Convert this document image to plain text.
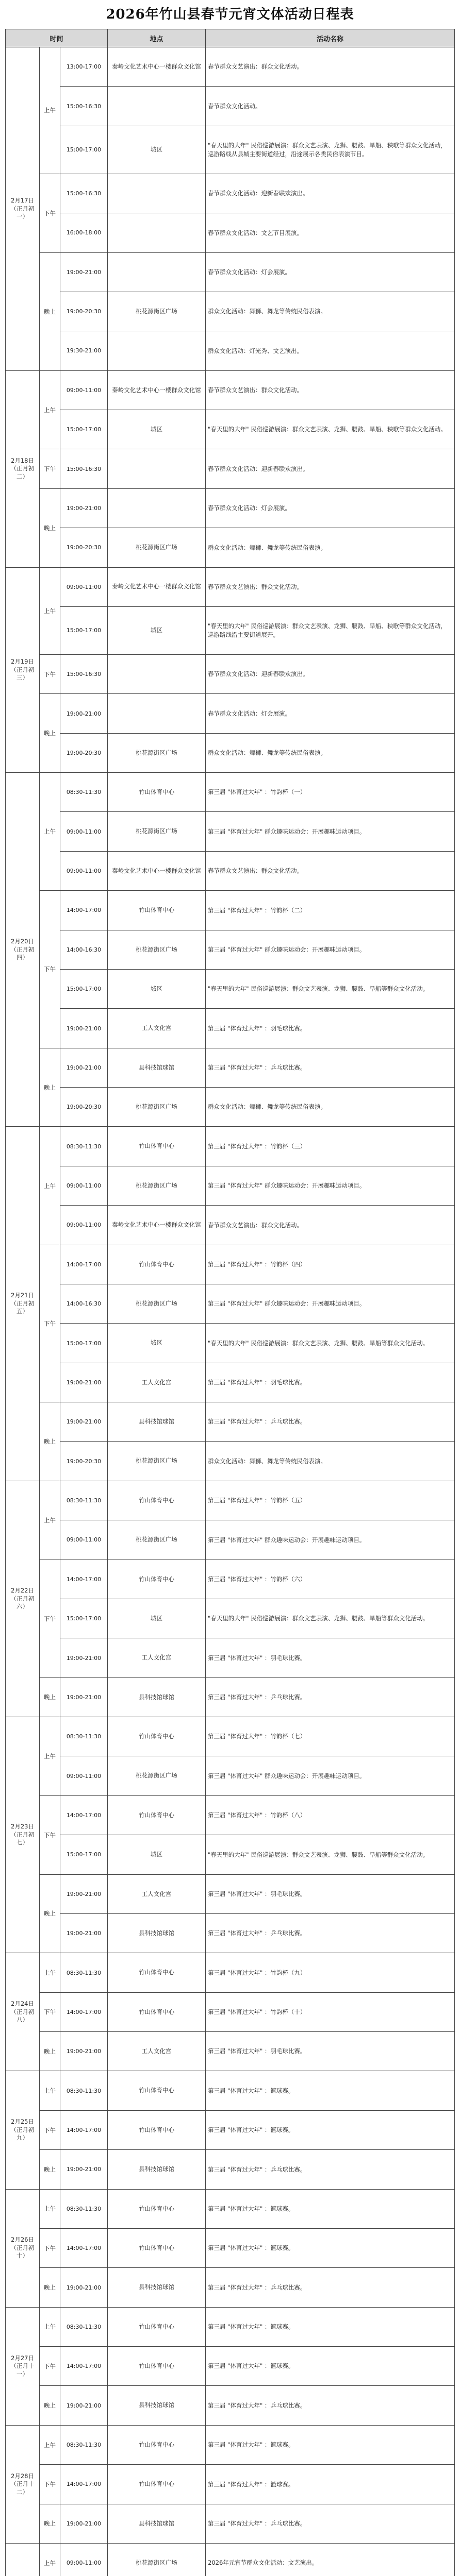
2026年竹山县春节元宵文体活动日程表
时间			地点	活动名称
2月17日
（正月初一）	上午	13:00-17:00	秦岭文化艺术中心一楼群众文化馆	春节群众文艺演出：群众文化活动。
		15:00-16:30		春节群众文化活动。
		15:00-17:00	城区	"春天里的大年" 民俗巡游展演：群众文艺表演、龙狮、腰鼓、旱船、秧歌等群众文化活动，巡游路线从县城主要街道经过，沿途展示各类民俗表演节目。
	下午	15:00-16:30		春节群众文化活动：迎新春联欢演出。
		16:00-18:00		春节群众文化活动：文艺节目展演。
	晚上	19:00-21:00		春节群众文化活动：灯会展演。
		19:00-20:30	桃花源街区广场	群众文化活动：舞狮、舞龙等传统民俗表演。
		19:30-21:00		群众文化活动：灯光秀、文艺演出。
2月18日
（正月初二）	上午	09:00-11:00	秦岭文化艺术中心一楼群众文化馆	春节群众文艺演出：群众文化活动。
		15:00-17:00	城区	"春天里的大年" 民俗巡游展演：群众文艺表演、龙狮、腰鼓、旱船、秧歌等群众文化活动。
	下午	15:00-16:30		春节群众文化活动：迎新春联欢演出。
	晚上	19:00-21:00		春节群众文化活动：灯会展演。
		19:00-20:30	桃花源街区广场	群众文化活动：舞狮、舞龙等传统民俗表演。
2月19日
（正月初三）	上午	09:00-11:00	秦岭文化艺术中心一楼群众文化馆	春节群众文艺演出：群众文化活动。
		15:00-17:00	城区	"春天里的大年" 民俗巡游展演：群众文艺表演、龙狮、腰鼓、旱船、秧歌等群众文化活动，巡游路线沿主要街道展开。
	下午	15:00-16:30		春节群众文化活动：迎新春联欢演出。
	晚上	19:00-21:00		春节群众文化活动：灯会展演。
		19:00-20:30	桃花源街区广场	群众文化活动：舞狮、舞龙等传统民俗表演。
2月20日
（正月初四）	上午	08:30-11:30	竹山体育中心	第三届 "体育过大年" ：竹韵杯（一）
		09:00-11:00	桃花源街区广场	第三届 "体育过大年" 群众趣味运动会：开展趣味运动项目。
		09:00-11:00	秦岭文化艺术中心一楼群众文化馆	春节群众文艺演出：群众文化活动。
	下午	14:00-17:00	竹山体育中心	第三届 "体育过大年" ：竹韵杯（二）
		14:00-16:30	桃花源街区广场	第三届 "体育过大年" 群众趣味运动会：开展趣味运动项目。
		15:00-17:00	城区	"春天里的大年" 民俗巡游展演：群众文艺表演、龙狮、腰鼓、旱船等群众文化活动。
		19:00-21:00	工人文化宫	第三届 "体育过大年" ：羽毛球比赛。
	晚上	19:00-21:00	县科技馆球馆	第三届 "体育过大年" ：乒乓球比赛。
		19:00-20:30	桃花源街区广场	群众文化活动：舞狮、舞龙等传统民俗表演。
2月21日
（正月初五）	上午	08:30-11:30	竹山体育中心	第三届 "体育过大年" ：竹韵杯（三）
		09:00-11:00	桃花源街区广场	第三届 "体育过大年" 群众趣味运动会：开展趣味运动项目。
		09:00-11:00	秦岭文化艺术中心一楼群众文化馆	春节群众文艺演出：群众文化活动。
	下午	14:00-17:00	竹山体育中心	第三届 "体育过大年" ：竹韵杯（四）
		14:00-16:30	桃花源街区广场	第三届 "体育过大年" 群众趣味运动会：开展趣味运动项目。
		15:00-17:00	城区	"春天里的大年" 民俗巡游展演：群众文艺表演、龙狮、腰鼓、旱船等群众文化活动。
		19:00-21:00	工人文化宫	第三届 "体育过大年" ：羽毛球比赛。
	晚上	19:00-21:00	县科技馆球馆	第三届 "体育过大年" ：乒乓球比赛。
		19:00-20:30	桃花源街区广场	群众文化活动：舞狮、舞龙等传统民俗表演。
2月22日
（正月初六）	上午	08:30-11:30	竹山体育中心	第三届 "体育过大年" ：竹韵杯（五）
		09:00-11:00	桃花源街区广场	第三届 "体育过大年" 群众趣味运动会：开展趣味运动项目。
	下午	14:00-17:00	竹山体育中心	第三届 "体育过大年" ：竹韵杯（六）
		15:00-17:00	城区	"春天里的大年" 民俗巡游展演：群众文艺表演、龙狮、腰鼓、旱船等群众文化活动。
		19:00-21:00	工人文化宫	第三届 "体育过大年" ：羽毛球比赛。
	晚上	19:00-21:00	县科技馆球馆	第三届 "体育过大年" ：乒乓球比赛。
2月23日
（正月初七）	上午	08:30-11:30	竹山体育中心	第三届 "体育过大年" ：竹韵杯（七）
		09:00-11:00	桃花源街区广场	第三届 "体育过大年" 群众趣味运动会：开展趣味运动项目。
	下午	14:00-17:00	竹山体育中心	第三届 "体育过大年" ：竹韵杯（八）
		15:00-17:00	城区	"春天里的大年" 民俗巡游展演：群众文艺表演、龙狮、腰鼓、旱船等群众文化活动。
	晚上	19:00-21:00	工人文化宫	第三届 "体育过大年" ：羽毛球比赛。
		19:00-21:00	县科技馆球馆	第三届 "体育过大年" ：乒乓球比赛。
2月24日
（正月初八）	上午	08:30-11:30	竹山体育中心	第三届 "体育过大年" ：竹韵杯（九）
	下午	14:00-17:00	竹山体育中心	第三届 "体育过大年" ：竹韵杯（十）
	晚上	19:00-21:00	工人文化宫	第三届 "体育过大年" ：羽毛球比赛。
2月25日
（正月初九）	上午	08:30-11:30	竹山体育中心	第三届 "体育过大年" ：篮球赛。
	下午	14:00-17:00	竹山体育中心	第三届 "体育过大年" ：篮球赛。
	晚上	19:00-21:00	县科技馆球馆	第三届 "体育过大年" ：乒乓球比赛。
2月26日
（正月初十）	上午	08:30-11:30	竹山体育中心	第三届 "体育过大年" ：篮球赛。
	下午	14:00-17:00	竹山体育中心	第三届 "体育过大年" ：篮球赛。
	晚上	19:00-21:00	县科技馆球馆	第三届 "体育过大年" ：乒乓球比赛。
2月27日
（正月十一）	上午	08:30-11:30	竹山体育中心	第三届 "体育过大年" ：篮球赛。
	下午	14:00-17:00	竹山体育中心	第三届 "体育过大年" ：篮球赛。
	晚上	19:00-21:00	县科技馆球馆	第三届 "体育过大年" ：乒乓球比赛。
2月28日
（正月十二）	上午	08:30-11:30	竹山体育中心	第三届 "体育过大年" ：篮球赛。
	下午	14:00-17:00	竹山体育中心	第三届 "体育过大年" ：篮球赛。
	晚上	19:00-21:00	县科技馆球馆	第三届 "体育过大年" ：乒乓球比赛。
	上午	09:00-11:00	桃花源街区广场	2026年元宵节群众文化活动：文艺演出。
